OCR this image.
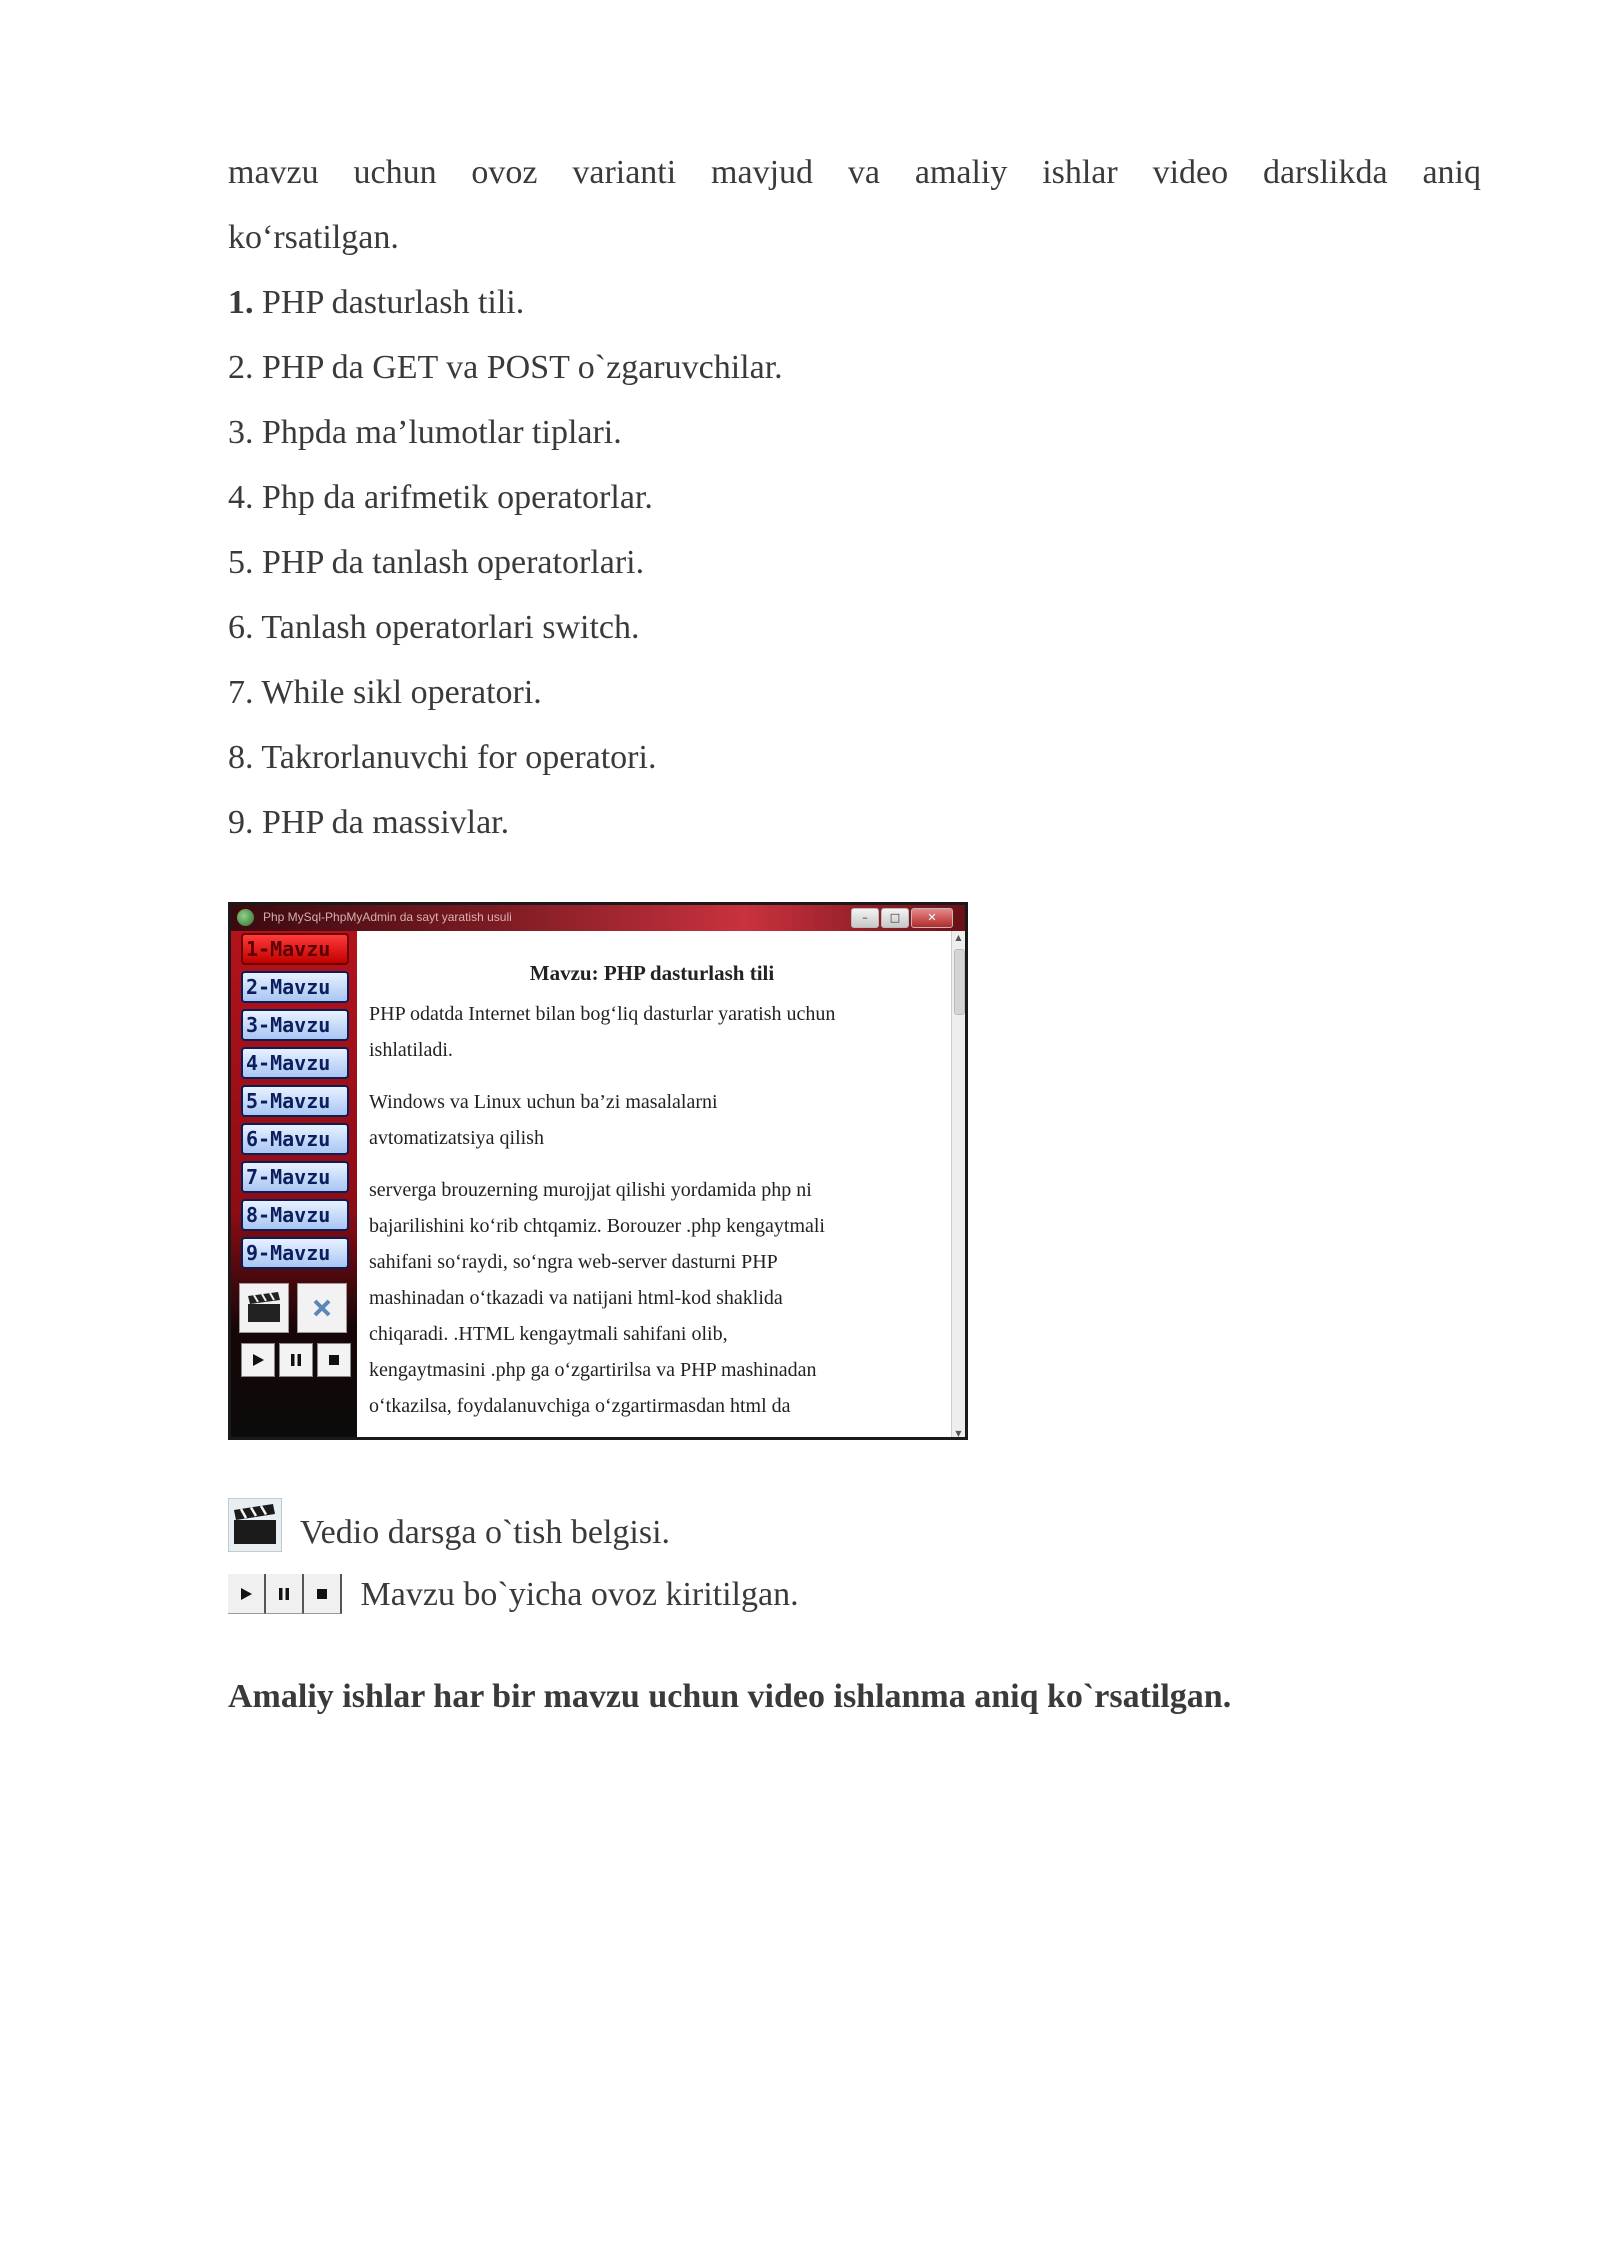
mavzu uchun ovoz varianti mavjud va amaliy ishlar video darslikda aniq
ko‘rsatilgan.
1. PHP dasturlash tili.
2. PHP da GET va POST o`zgaruvchilar.
3. Phpda ma’lumotlar tiplari.
4. Php da arifmetik operatorlar.
5. PHP da tanlash operatorlari.
6. Tanlash operatorlari switch.
7. While sikl operatori.
8. Takrorlanuvchi for operatori.
9. PHP da massivlar.
Php MySql-PhpMyAdmin da sayt yaratish usuli	–	□	✕
1-Mavzu
2-Mavzu
3-Mavzu
4-Mavzu
5-Mavzu
6-Mavzu
7-Mavzu
8-Mavzu
9-Mavzu
Mavzu: PHP dasturlash tili
PHP odatda Internet bilan bog‘liq dasturlar yaratish uchun
ishlatiladi.
Windows va Linux uchun ba’zi masalalarni
avtomatizatsiya qilish
serverga brouzerning murojjat qilishi yordamida php ni
bajarilishini ko‘rib chtqamiz. Borouzer .php kengaytmali
sahifani so‘raydi, so‘ngra web-server dasturni PHP
mashinadan o‘tkazadi va natijani html-kod shaklida
chiqaradi. .HTML kengaytmali sahifani olib,
kengaytmasini .php ga o‘zgartirilsa va PHP mashinadan
o‘tkazilsa, foydalanuvchiga o‘zgartirmasdan html da
▲
▼
Vedio darsga o`tish belgisi.
Mavzu bo`yicha ovoz kiritilgan.
Amaliy ishlar har bir mavzu uchun video ishlanma aniq ko`rsatilgan.
